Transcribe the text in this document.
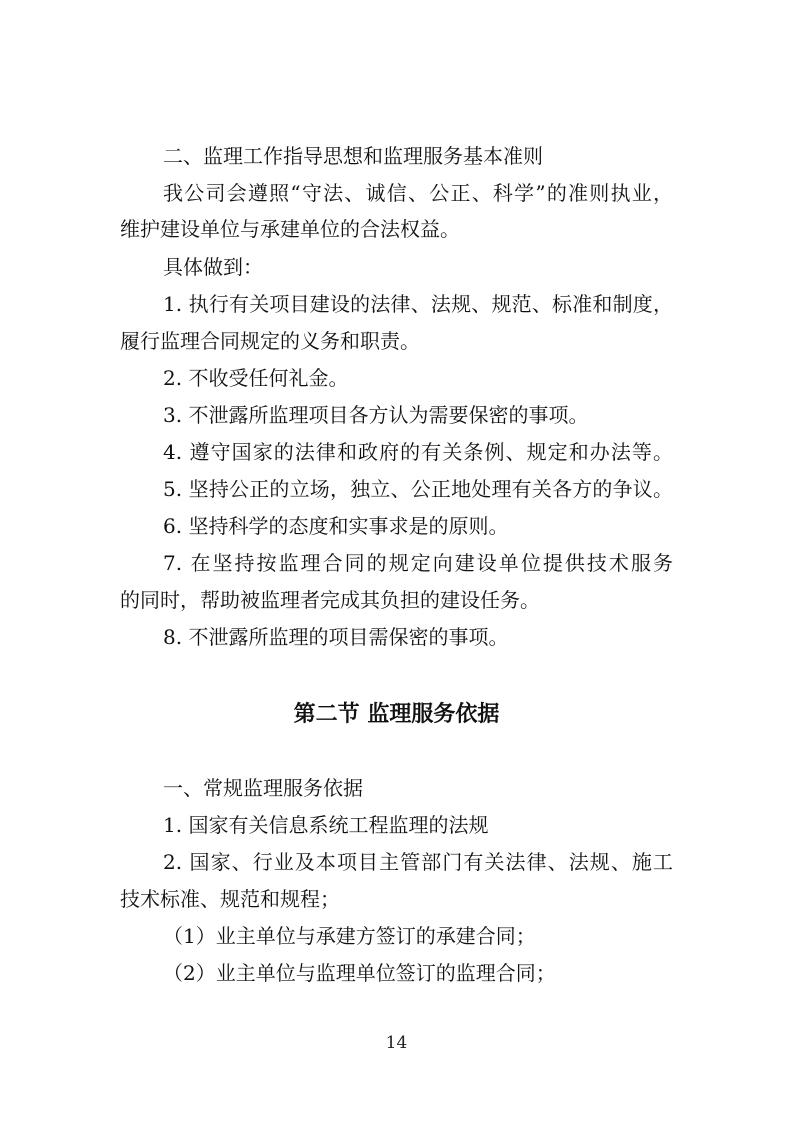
二、监理工作指导思想和监理服务基本准则
我公司会遵照“守法、诚信、公正、科学”的准则执业，
维护建设单位与承建单位的合法权益。
具体做到：
1. 执行有关项目建设的法律、法规、规范、标准和制度，
履行监理合同规定的义务和职责。
2. 不收受任何礼金。
3. 不泄露所监理项目各方认为需要保密的事项。
4. 遵守国家的法律和政府的有关条例、规定和办法等。
5. 坚持公正的立场，独立、公正地处理有关各方的争议。
6. 坚持科学的态度和实事求是的原则。
7. 在坚持按监理合同的规定向建设单位提供技术服务
的同时，帮助被监理者完成其负担的建设任务。
8. 不泄露所监理的项目需保密的事项。
第二节 监理服务依据
一、常规监理服务依据
1. 国家有关信息系统工程监理的法规
2. 国家、行业及本项目主管部门有关法律、法规、施工
技术标准、规范和规程；
（1）业主单位与承建方签订的承建合同；
（2）业主单位与监理单位签订的监理合同；
14
